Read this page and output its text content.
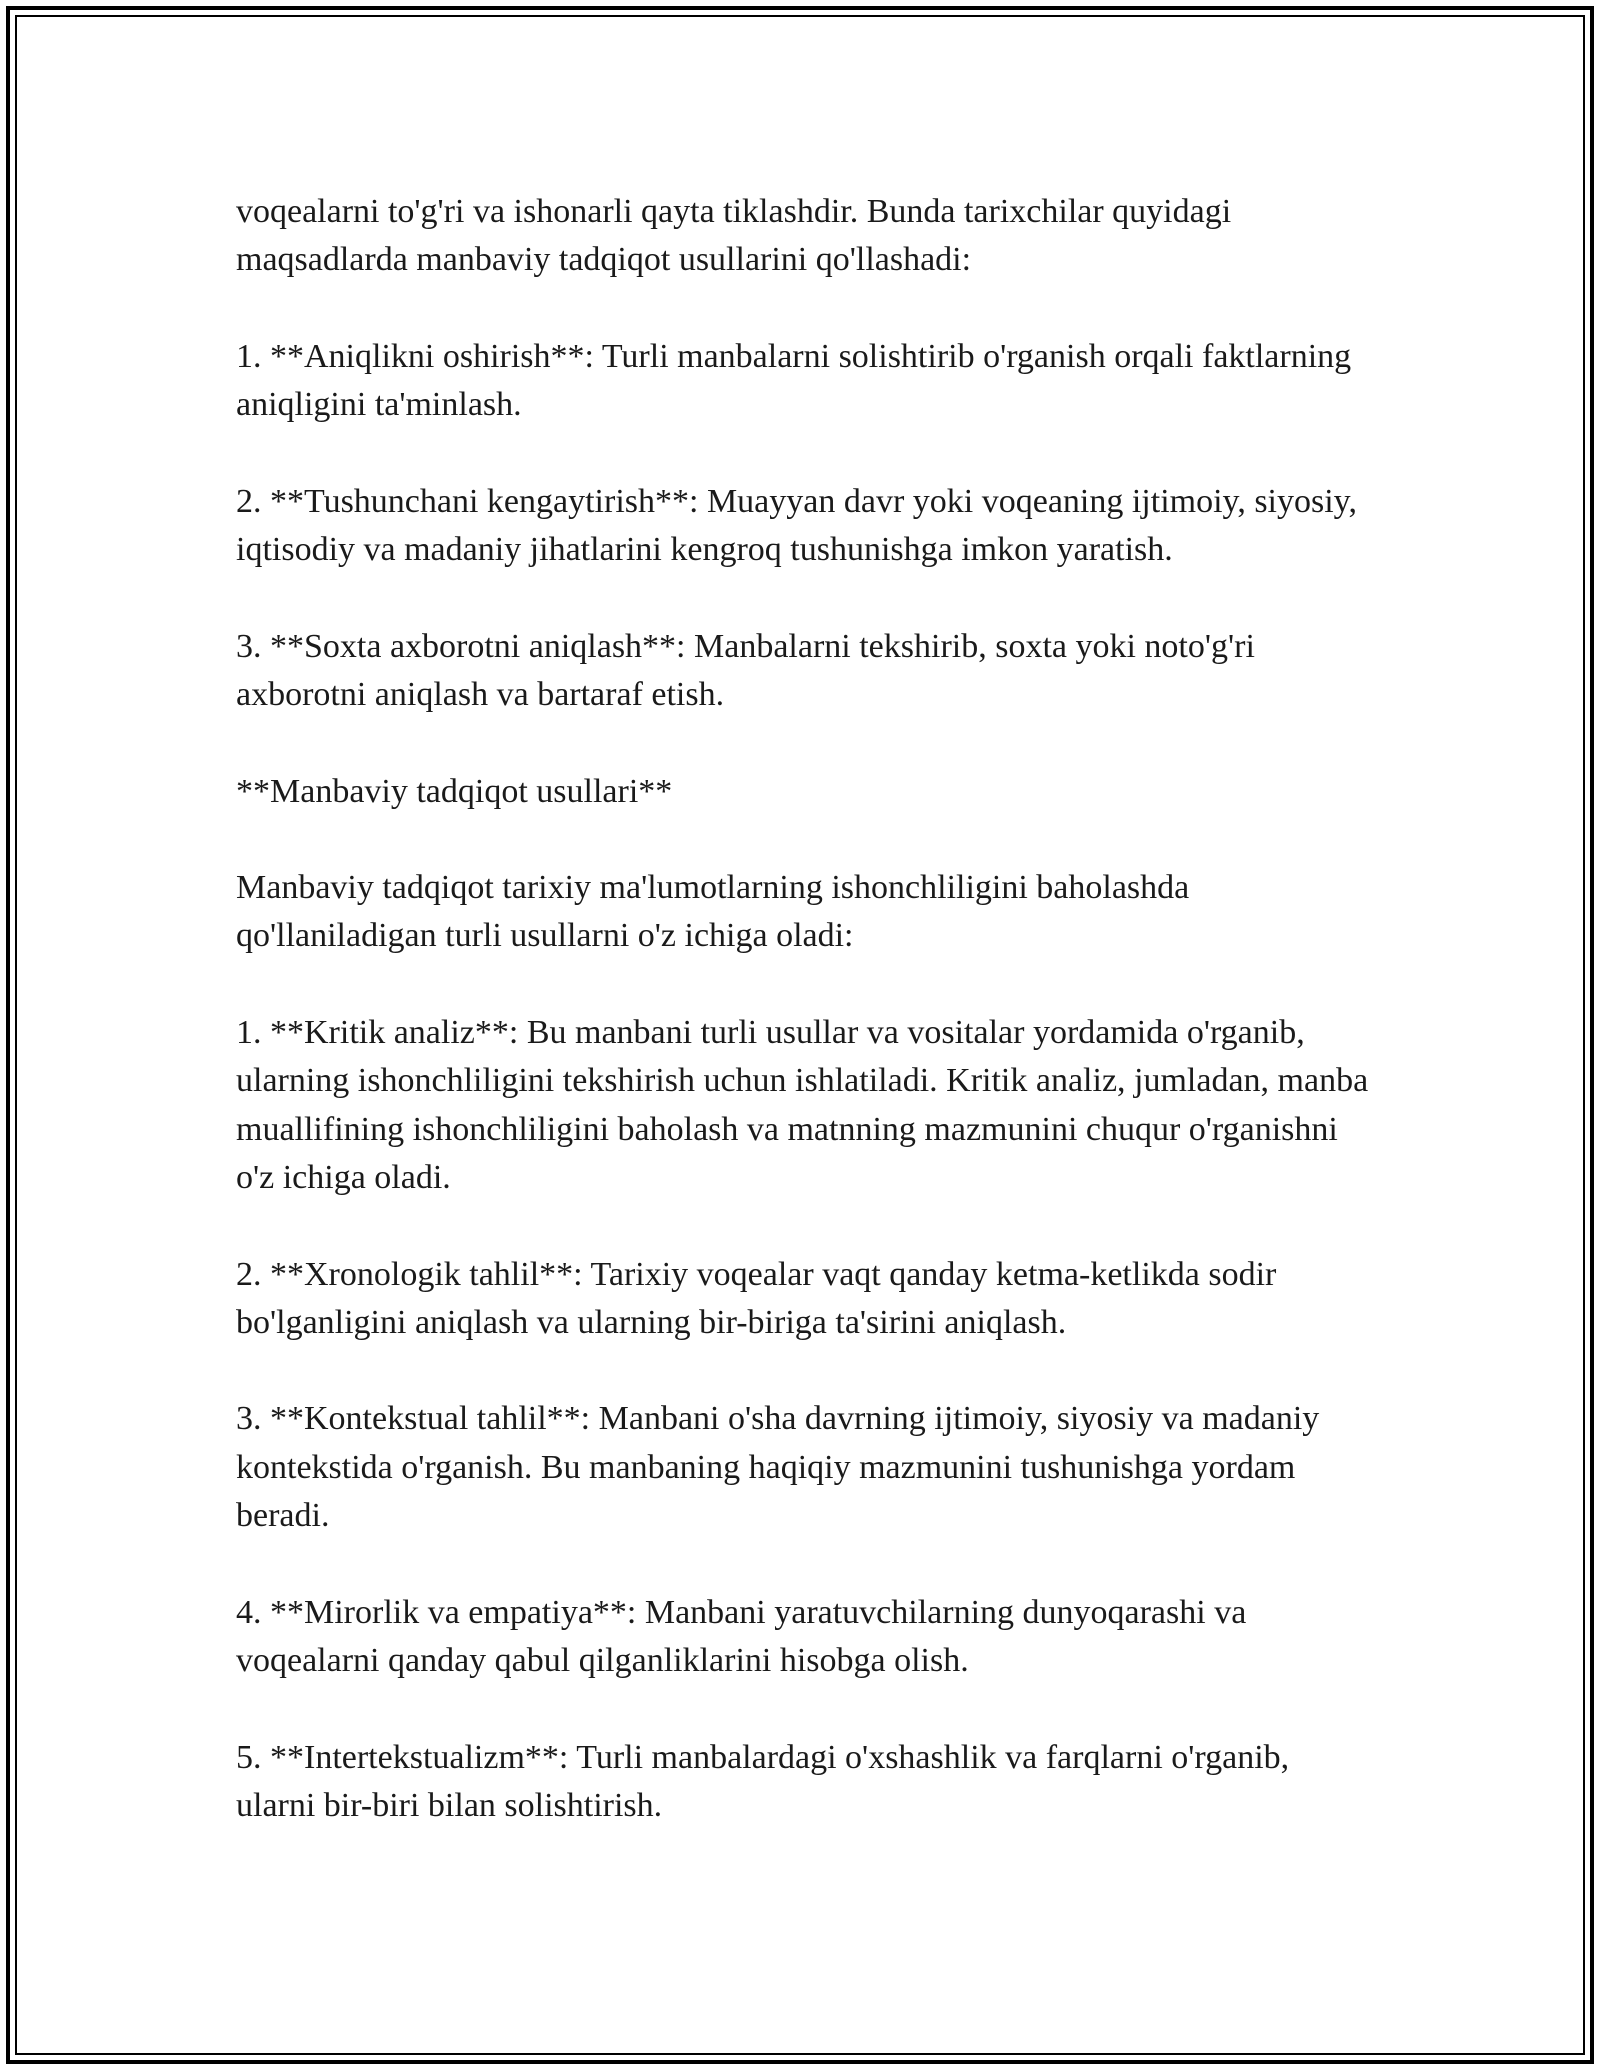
voqealarni to'g'ri va ishonarli qayta tiklashdir. Bunda tarixchilar quyidagi maqsadlarda manbaviy tadqiqot usullarini qo'llashadi:

1. **Aniqlikni oshirish**: Turli manbalarni solishtirib o'rganish orqali faktlarning aniqligini ta'minlash.

2. **Tushunchani kengaytirish**: Muayyan davr yoki voqeaning ijtimoiy, siyosiy, iqtisodiy va madaniy jihatlarini kengroq tushunishga imkon yaratish.

3. **Soxta axborotni aniqlash**: Manbalarni tekshirib, soxta yoki noto'g'ri axborotni aniqlash va bartaraf etish.

**Manbaviy tadqiqot usullari**

Manbaviy tadqiqot tarixiy ma'lumotlarning ishonchliligini baholashda qo'llaniladigan turli usullarni o'z ichiga oladi:

1. **Kritik analiz**: Bu manbani turli usullar va vositalar yordamida o'rganib, ularning ishonchliligini tekshirish uchun ishlatiladi. Kritik analiz, jumladan, manba muallifining ishonchliligini baholash va matnning mazmunini chuqur o'rganishni o'z ichiga oladi.

2. **Xronologik tahlil**: Tarixiy voqealar vaqt qanday ketma-ketlikda sodir bo'lganligini aniqlash va ularning bir-biriga ta'sirini aniqlash.

3. **Kontekstual tahlil**: Manbani o'sha davrning ijtimoiy, siyosiy va madaniy kontekstida o'rganish. Bu manbaning haqiqiy mazmunini tushunishga yordam beradi.

4. **Mirorlik va empatiya**: Manbani yaratuvchilarning dunyoqarashi va voqealarni qanday qabul qilganliklarini hisobga olish.

5. **Intertekstualizm**: Turli manbalardagi o'xshashlik va farqlarni o'rganib, ularni bir-biri bilan solishtirish.
